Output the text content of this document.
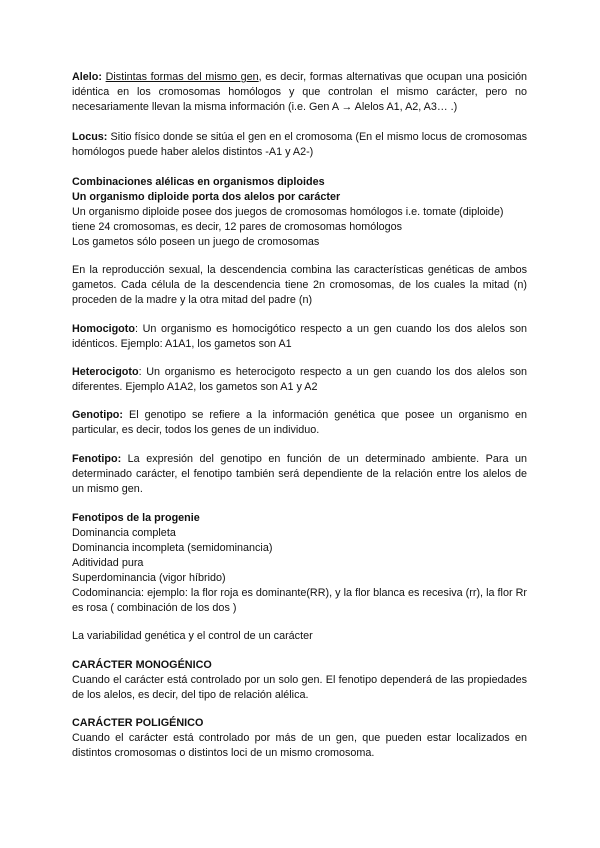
Alelo: Distintas formas del mismo gen, es decir, formas alternativas que ocupan una posición idéntica en los cromosomas homólogos y que controlan el mismo carácter, pero no necesariamente llevan la misma información (i.e. Gen A → Alelos A1, A2, A3… .)

Locus: Sitio físico donde se sitúa el gen en el cromosoma (En el mismo locus de cromosomas homólogos puede haber alelos distintos -A1 y A2-)

Combinaciones alélicas en organismos diploides
Un organismo diploide porta dos alelos por carácter
Un organismo diploide posee dos juegos de cromosomas homólogos i.e. tomate (diploide)
tiene 24 cromosomas, es decir, 12 pares de cromosomas homólogos
Los gametos sólo poseen un juego de cromosomas

En la reproducción sexual, la descendencia combina las características genéticas de ambos gametos. Cada célula de la descendencia tiene 2n cromosomas, de los cuales la mitad (n) proceden de la madre y la otra mitad del padre (n)

Homocigoto: Un organismo es homocigótico respecto a un gen cuando los dos alelos son idénticos. Ejemplo: A1A1, los gametos son A1

Heterocigoto: Un organismo es heterocigoto respecto a un gen cuando los dos alelos son diferentes. Ejemplo A1A2, los gametos son A1 y A2

Genotipo: El genotipo se refiere a la información genética que posee un organismo en particular, es decir, todos los genes de un individuo.

Fenotipo: La expresión del genotipo en función de un determinado ambiente. Para un determinado carácter, el fenotipo también será dependiente de la relación entre los alelos de un mismo gen.

Fenotipos de la progenie
Dominancia completa
Dominancia incompleta (semidominancia)
Aditividad pura
Superdominancia (vigor híbrido)
Codominancia: ejemplo: la flor roja es dominante(RR), y la flor blanca es recesiva (rr), la flor Rr es rosa ( combinación de los dos )

La variabilidad genética y el control de un carácter

CARÁCTER MONOGÉNICO
Cuando el carácter está controlado por un solo gen. El fenotipo dependerá de las propiedades de los alelos, es decir, del tipo de relación alélica.
CARÁCTER POLIGÉNICO
Cuando el carácter está controlado por más de un gen, que pueden estar localizados en distintos cromosomas o distintos loci de un mismo cromosoma.
